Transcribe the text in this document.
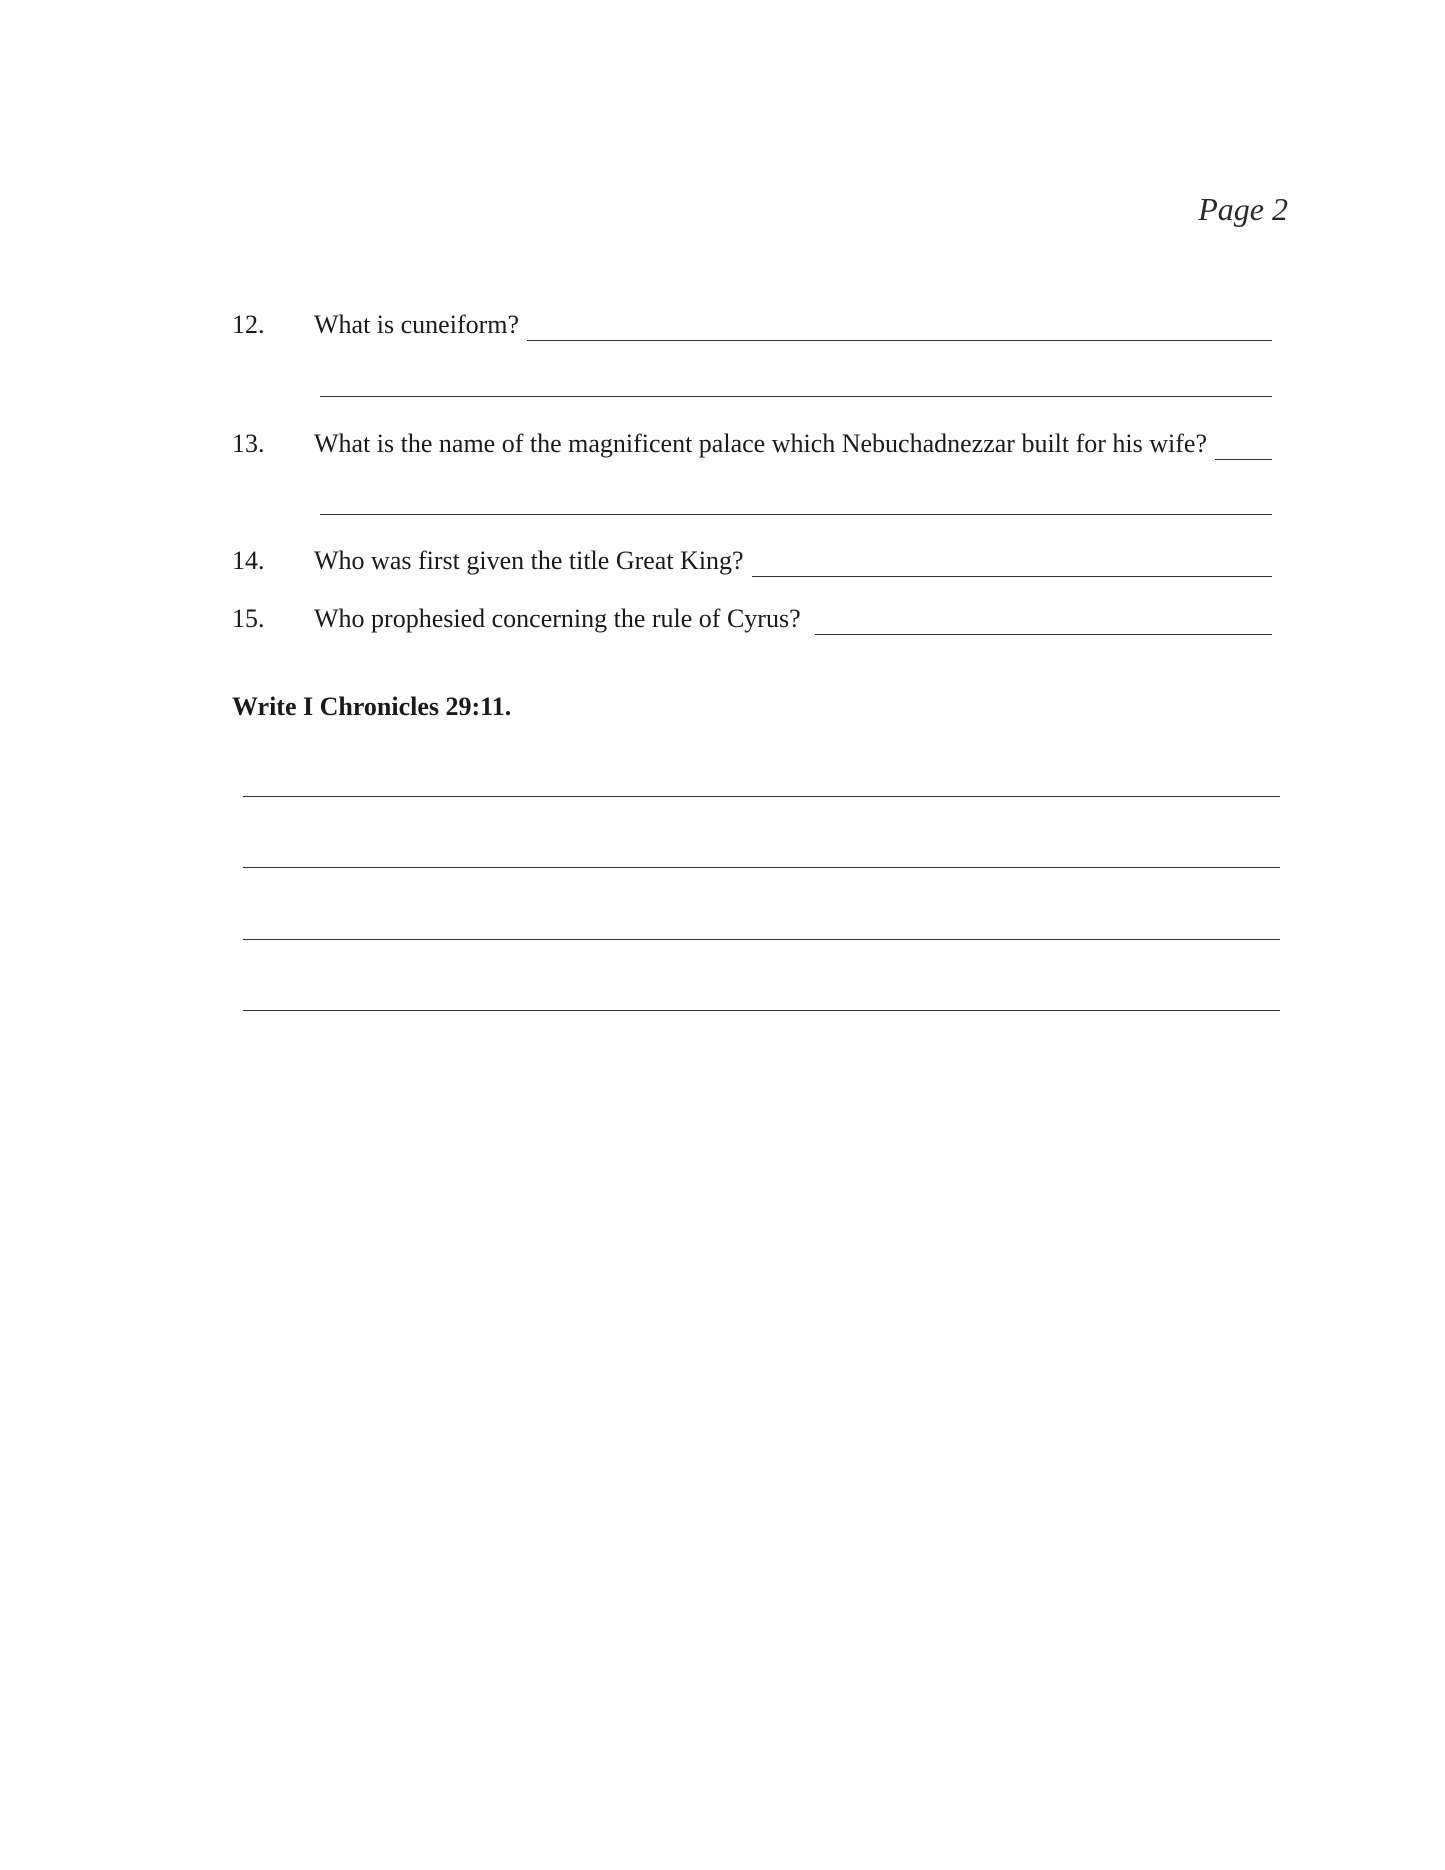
Page 2
12.	What is cuneiform?
13.	What is the name of the magnificent palace which Nebuchadnezzar built for his wife?
14.	Who was first given the title Great King?
15.	Who prophesied concerning the rule of Cyrus?
Write I Chronicles 29:11.
